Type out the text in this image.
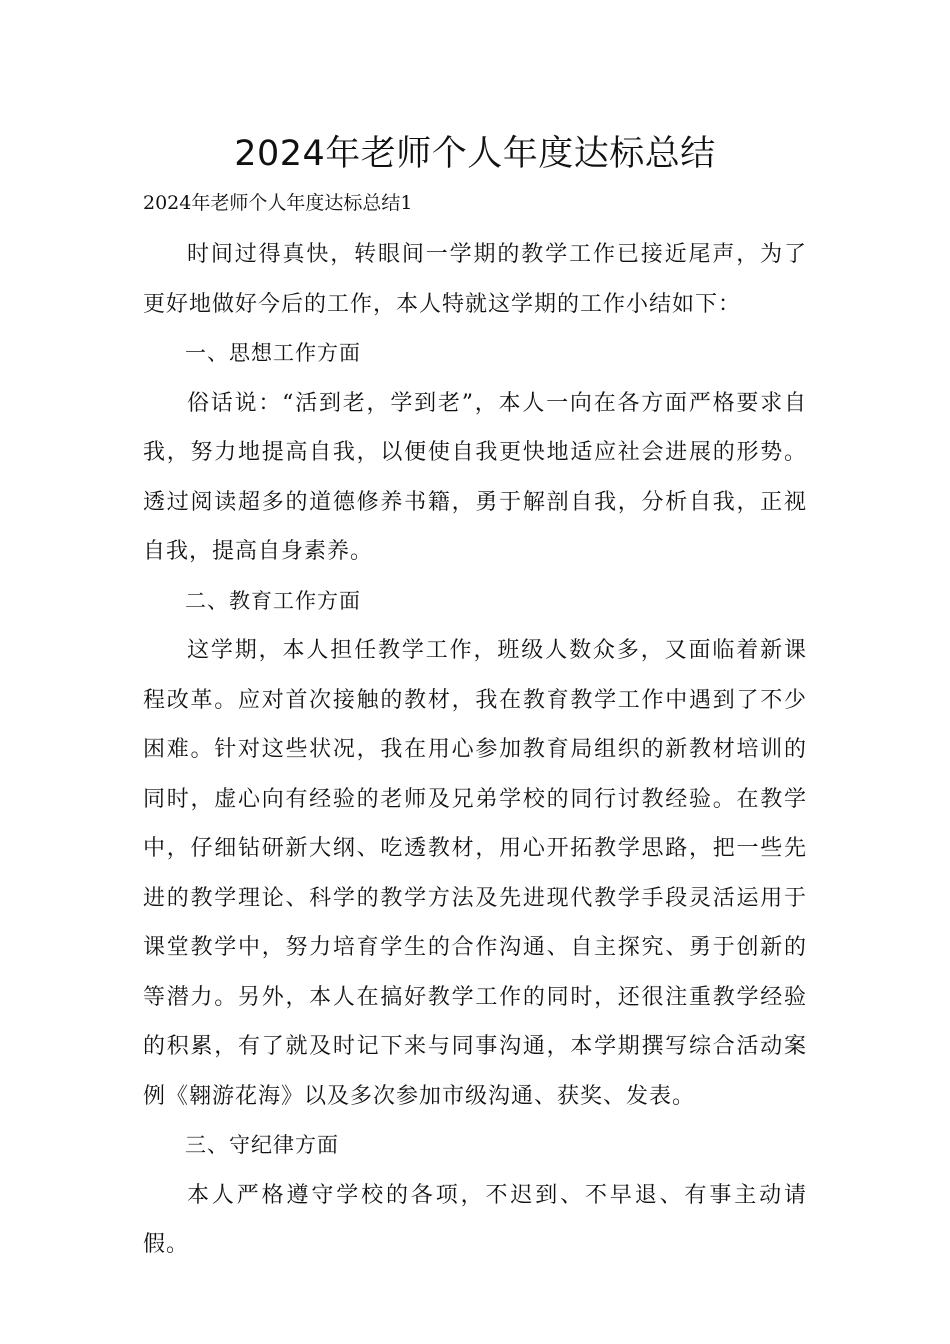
2024年老师个人年度达标总结
2024年老师个人年度达标总结1

时间过得真快，转眼间一学期的教学工作已接近尾声，为了更好地做好今后的工作，本人特就这学期的工作小结如下：

一、思想工作方面

俗话说：“活到老，学到老”，本人一向在各方面严格要求自我，努力地提高自我，以便使自我更快地适应社会进展的形势。透过阅读超多的道德修养书籍，勇于解剖自我，分析自我，正视自我，提高自身素养。

二、教育工作方面

这学期，本人担任教学工作，班级人数众多，又面临着新课程改革。应对首次接触的教材，我在教育教学工作中遇到了不少困难。针对这些状况，我在用心参加教育局组织的新教材培训的同时，虚心向有经验的老师及兄弟学校的同行讨教经验。在教学中，仔细钻研新大纲、吃透教材，用心开拓教学思路，把一些先进的教学理论、科学的教学方法及先进现代教学手段灵活运用于课堂教学中，努力培育学生的合作沟通、自主探究、勇于创新的等潜力。另外，本人在搞好教学工作的同时，还很注重教学经验的积累，有了就及时记下来与同事沟通，本学期撰写综合活动案例《翱游花海》以及多次参加市级沟通、获奖、发表。

三、守纪律方面

本人严格遵守学校的各项，不迟到、不早退、有事主动请假。
